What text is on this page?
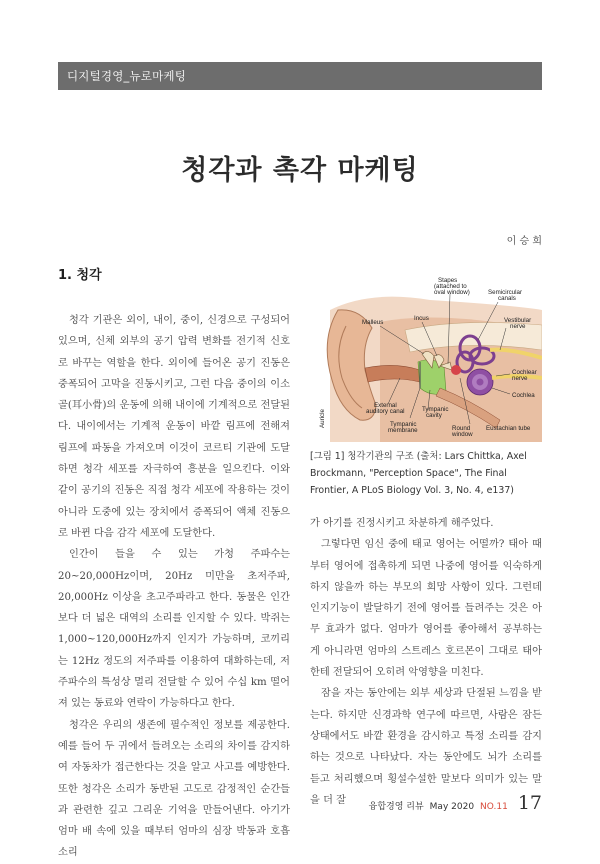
디지털경영_뉴로마케팅
청각과 촉각 마케팅
이 승 희
1. 청각

청각 기관은 외이, 내이, 중이, 신경으로 구성되어 있으며, 신체 외부의 공기 압력 변화를 전기적 신호로 바꾸는 역할을 한다. 외이에 들어온 공기 진동은 중폭되어 고막을 진동시키고, 그런 다음 중이의 이소골(耳小骨)의 운동에 의해 내이에 기계적으로 전달된다. 내이에서는 기계적 운동이 바깥 림프에 전해져 림프에 파동을 가져오며 이것이 코르티 기관에 도달하면 청각 세포를 자극하여 흥분을 일으킨다. 이와 같이 공기의 진동은 직접 청각 세포에 작용하는 것이 아니라 도중에 있는 장치에서 증폭되어 액체 진동으로 바뀐 다음 감각 세포에 도달한다.

인간이 들을 수 있는 가청 주파수는 20~20,000Hz이며, 20Hz 미만을 초저주파, 20,000Hz 이상을 초고주파라고 한다. 동물은 인간보다 더 넓은 대역의 소리를 인지할 수 있다. 박쥐는 1,000~120,000Hz까지 인지가 가능하며, 코끼리는 12Hz 정도의 저주파를 이용하여 대화하는데, 저주파수의 특성상 멀리 전달할 수 있어 수십 km 떨어져 있는 동료와 연락이 가능하다고 한다.

청각은 우리의 생존에 필수적인 정보를 제공한다. 예를 들어 두 귀에서 들려오는 소리의 차이를 감지하여 자동차가 접근한다는 것을 알고 사고를 예방한다. 또한 청각은 소리가 동반된 고도로 감정적인 순간들과 관련한 깊고 그리운 기억을 만들어낸다. 아기가 엄마 배 속에 있을 때부터 엄마의 심장 박동과 호흡 소리

Stapes
(attached to
oval window)	Semicircular
canals
Malleus
Incus	Vestibular
nerve
Cochlear
nerve
Cochlea
External
auditory canal	Tympanic
cavity
Tympanic
membrane	Round
window
Eustachian tube
Auricle
[그림 1] 청각기관의 구조 (출처: Lars Chittka, Axel Brockmann, "Perception Space", The Final Frontier, A PLoS Biology Vol. 3, No. 4, e137)

가 아기를 진정시키고 차분하게 해주었다.

그렇다면 임신 중에 태교 영어는 어떨까? 태아 때부터 영어에 접촉하게 되면 나중에 영어를 익숙하게 하지 않을까 하는 부모의 희망 사항이 있다. 그런데 인지기능이 발달하기 전에 영어를 들려주는 것은 아무 효과가 없다. 엄마가 영어를 좋아해서 공부하는 게 아니라면 엄마의 스트레스 호르몬이 그대로 태아한테 전달되어 오히려 악영향을 미친다.

잠을 자는 동안에는 외부 세상과 단절된 느낌을 받는다. 하지만 신경과학 연구에 따르면, 사람은 잠든 상태에서도 바깥 환경을 감시하고 특정 소리를 감지하는 것으로 나타났다. 자는 동안에도 뇌가 소리를 듣고 처리했으며 횡설수설한 말보다 의미가 있는 말을 더 잘

융합경영 리뷰 May 2020 NO.11 17
